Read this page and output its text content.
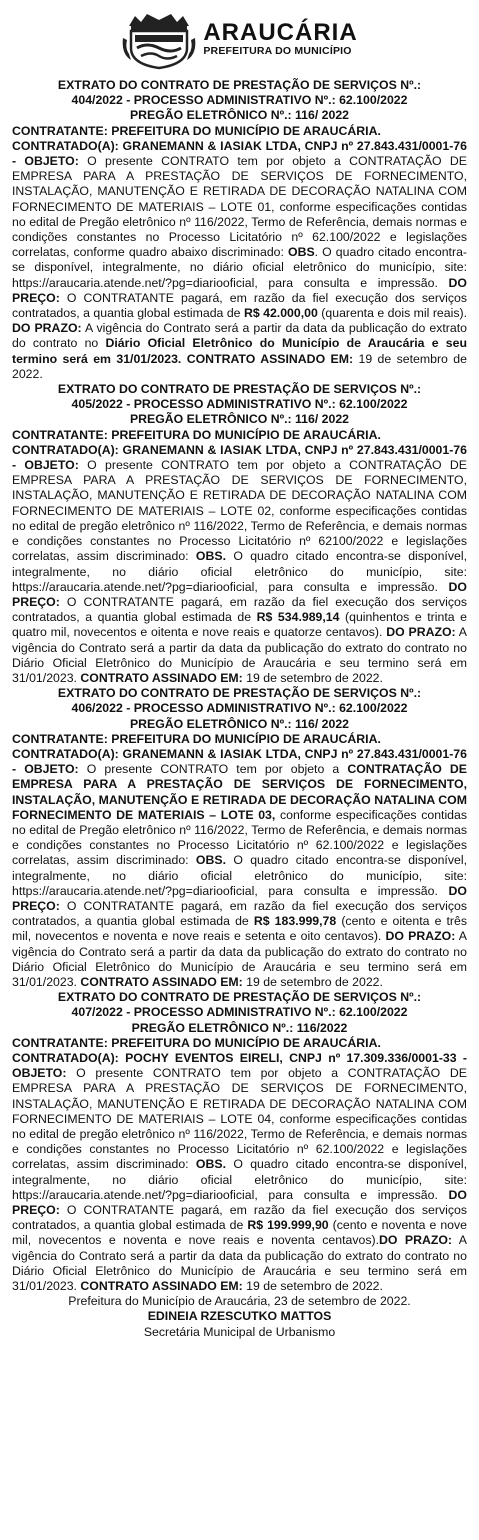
ARAUCÁRIA
PREFEITURA DO MUNICÍPIO
EXTRATO DO CONTRATO DE PRESTAÇÃO DE SERVIÇOS Nº.:
404/2022 - PROCESSO ADMINISTRATIVO Nº.: 62.100/2022
PREGÃO ELETRÔNICO Nº.: 116/ 2022
CONTRATANTE: PREFEITURA DO MUNICÍPIO DE ARAUCÁRIA.
CONTRATADO(A): GRANEMANN & IASIAK LTDA, CNPJ nº 27.843.431/0001-76 - OBJETO: O presente CONTRATO tem por objeto a CONTRATAÇÃO DE EMPRESA PARA A PRESTAÇÃO DE SERVIÇOS DE FORNECIMENTO, INSTALAÇÃO, MANUTENÇÃO E RETIRADA DE DECORAÇÃO NATALINA COM FORNECIMENTO DE MATERIAIS – LOTE 01, conforme especificações contidas no edital de Pregão eletrônico nº 116/2022, Termo de Referência, demais normas e condições constantes no Processo Licitatório nº 62.100/2022 e legislações correlatas, conforme quadro abaixo discriminado: OBS. O quadro citado encontra-se disponível, integralmente, no diário oficial eletrônico do município, site: https://araucaria.atende.net/?pg=diariooficial, para consulta e impressão. DO PREÇO: O CONTRATANTE pagará, em razão da fiel execução dos serviços contratados, a quantia global estimada de R$ 42.000,00 (quarenta e dois mil reais). DO PRAZO: A vigência do Contrato será a partir da data da publicação do extrato do contrato no Diário Oficial Eletrônico do Município de Araucária e seu termino será em 31/01/2023. CONTRATO ASSINADO EM: 19 de setembro de 2022.
EXTRATO DO CONTRATO DE PRESTAÇÃO DE SERVIÇOS Nº.:
405/2022 - PROCESSO ADMINISTRATIVO Nº.: 62.100/2022
PREGÃO ELETRÔNICO Nº.: 116/ 2022
CONTRATANTE: PREFEITURA DO MUNICÍPIO DE ARAUCÁRIA.
CONTRATADO(A): GRANEMANN & IASIAK LTDA, CNPJ nº 27.843.431/0001-76 - OBJETO: O presente CONTRATO tem por objeto a CONTRATAÇÃO DE EMPRESA PARA A PRESTAÇÃO DE SERVIÇOS DE FORNECIMENTO, INSTALAÇÃO, MANUTENÇÃO E RETIRADA DE DECORAÇÃO NATALINA COM FORNECIMENTO DE MATERIAIS – LOTE 02, conforme especificações contidas no edital de pregão eletrônico nº 116/2022, Termo de Referência, e demais normas e condições constantes no Processo Licitatório nº 62100/2022 e legislações correlatas, assim discriminado: OBS. O quadro citado encontra-se disponível, integralmente, no diário oficial eletrônico do município, site: https://araucaria.atende.net/?pg=diariooficial, para consulta e impressão. DO PREÇO: O CONTRATANTE pagará, em razão da fiel execução dos serviços contratados, a quantia global estimada de R$ 534.989,14 (quinhentos e trinta e quatro mil, novecentos e oitenta e nove reais e quatorze centavos). DO PRAZO: A vigência do Contrato será a partir da data da publicação do extrato do contrato no Diário Oficial Eletrônico do Município de Araucária e seu termino será em 31/01/2023. CONTRATO ASSINADO EM: 19 de setembro de 2022.
EXTRATO DO CONTRATO DE PRESTAÇÃO DE SERVIÇOS Nº.:
406/2022 - PROCESSO ADMINISTRATIVO Nº.: 62.100/2022
PREGÃO ELETRÔNICO Nº.: 116/ 2022
CONTRATANTE: PREFEITURA DO MUNICÍPIO DE ARAUCÁRIA.
CONTRATADO(A): GRANEMANN & IASIAK LTDA, CNPJ nº 27.843.431/0001-76 - OBJETO: O presente CONTRATO tem por objeto a CONTRATAÇÃO DE EMPRESA PARA A PRESTAÇÃO DE SERVIÇOS DE FORNECIMENTO, INSTALAÇÃO, MANUTENÇÃO E RETIRADA DE DECORAÇÃO NATALINA COM FORNECIMENTO DE MATERIAIS – LOTE 03, conforme especificações contidas no edital de Pregão eletrônico nº 116/2022, Termo de Referência, e demais normas e condições constantes no Processo Licitatório nº 62.100/2022 e legislações correlatas, assim discriminado: OBS. O quadro citado encontra-se disponível, integralmente, no diário oficial eletrônico do município, site: https://araucaria.atende.net/?pg=diariooficial, para consulta e impressão. DO PREÇO: O CONTRATANTE pagará, em razão da fiel execução dos serviços contratados, a quantia global estimada de R$ 183.999,78 (cento e oitenta e três mil, novecentos e noventa e nove reais e setenta e oito centavos). DO PRAZO: A vigência do Contrato será a partir da data da publicação do extrato do contrato no Diário Oficial Eletrônico do Município de Araucária e seu termino será em 31/01/2023. CONTRATO ASSINADO EM: 19 de setembro de 2022.
EXTRATO DO CONTRATO DE PRESTAÇÃO DE SERVIÇOS Nº.:
407/2022 - PROCESSO ADMINISTRATIVO Nº.: 62.100/2022
PREGÃO ELETRÔNICO Nº.: 116/2022
CONTRATANTE: PREFEITURA DO MUNICÍPIO DE ARAUCÁRIA.
CONTRATADO(A): POCHY EVENTOS EIRELI, CNPJ nº 17.309.336/0001-33 - OBJETO: O presente CONTRATO tem por objeto a CONTRATAÇÃO DE EMPRESA PARA A PRESTAÇÃO DE SERVIÇOS DE FORNECIMENTO, INSTALAÇÃO, MANUTENÇÃO E RETIRADA DE DECORAÇÃO NATALINA COM FORNECIMENTO DE MATERIAIS – LOTE 04, conforme especificações contidas no edital de pregão eletrônico nº 116/2022, Termo de Referência, e demais normas e condições constantes no Processo Licitatório nº 62.100/2022 e legislações correlatas, assim discriminado: OBS. O quadro citado encontra-se disponível, integralmente, no diário oficial eletrônico do município, site: https://araucaria.atende.net/?pg=diariooficial, para consulta e impressão. DO PREÇO: O CONTRATANTE pagará, em razão da fiel execução dos serviços contratados, a quantia global estimada de R$ 199.999,90 (cento e noventa e nove mil, novecentos e noventa e nove reais e noventa centavos).DO PRAZO: A vigência do Contrato será a partir da data da publicação do extrato do contrato no Diário Oficial Eletrônico do Município de Araucária e seu termino será em 31/01/2023. CONTRATO ASSINADO EM: 19 de setembro de 2022.
Prefeitura do Município de Araucária, 23 de setembro de 2022.
EDINEIA RZESCUTKO MATTOS
Secretária Municipal de Urbanismo
